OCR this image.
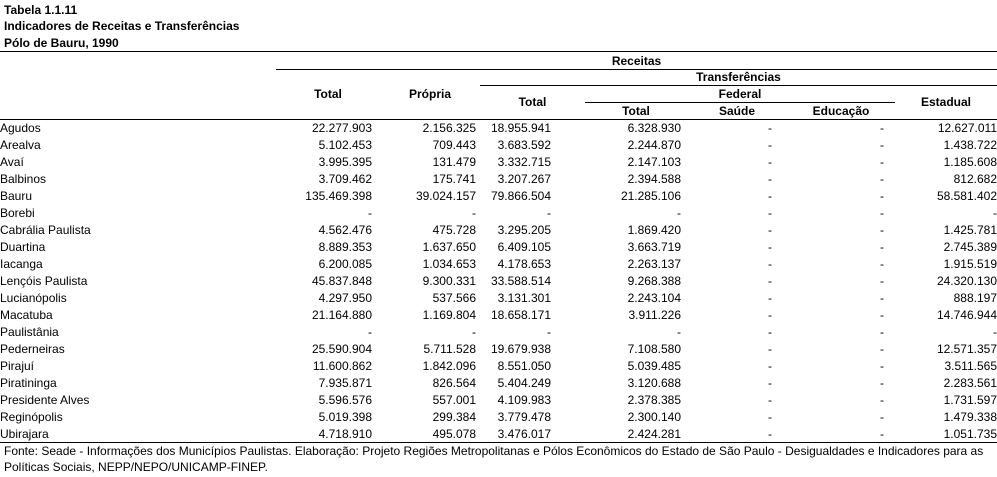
Tabela 1.1.11
Indicadores de Receitas e Transferências
Pólo de Bauru, 1990
Receitas
Transferências
Total	Própria	Federal
Total	Estadual
Total	Saúde	Educação
Agudos	22.277.903	2.156.325	18.955.941	6.328.930	-	-	12.627.011
Arealva	5.102.453	709.443	3.683.592	2.244.870	-	-	1.438.722
Avaí	3.995.395	131.479	3.332.715	2.147.103	-	-	1.185.608
Balbinos	3.709.462	175.741	3.207.267	2.394.588	-	-	812.682
Bauru	135.469.398	39.024.157	79.866.504	21.285.106	-	-	58.581.402
Borebi	-	-	-	-	-	-	-
Cabrália Paulista	4.562.476	475.728	3.295.205	1.869.420	-	-	1.425.781
Duartina	8.889.353	1.637.650	6.409.105	3.663.719	-	-	2.745.389
Iacanga	6.200.085	1.034.653	4.178.653	2.263.137	-	-	1.915.519
Lençóis Paulista	45.837.848	9.300.331	33.588.514	9.268.388	-	-	24.320.130
Lucianópolis	4.297.950	537.566	3.131.301	2.243.104	-	-	888.197
Macatuba	21.164.880	1.169.804	18.658.171	3.911.226	-	-	14.746.944
Paulistânia	-	-	-	-	-	-	-
Pederneiras	25.590.904	5.711.528	19.679.938	7.108.580	-	-	12.571.357
Pirajuí	11.600.862	1.842.096	8.551.050	5.039.485	-	-	3.511.565
Piratininga	7.935.871	826.564	5.404.249	3.120.688	-	-	2.283.561
Presidente Alves	5.596.576	557.001	4.109.983	2.378.385	-	-	1.731.597
Reginópolis	5.019.398	299.384	3.779.478	2.300.140	-	-	1.479.338
Ubirajara	4.718.910	495.078	3.476.017	2.424.281	-	-	1.051.735
Fonte: Seade - Informações dos Municípios Paulistas. Elaboração: Projeto Regiões Metropolitanas e Pólos Econômicos do Estado de São Paulo - Desigualdades e Indicadores para as Políticas Sociais, NEPP/NEPO/UNICAMP-FINEP.
